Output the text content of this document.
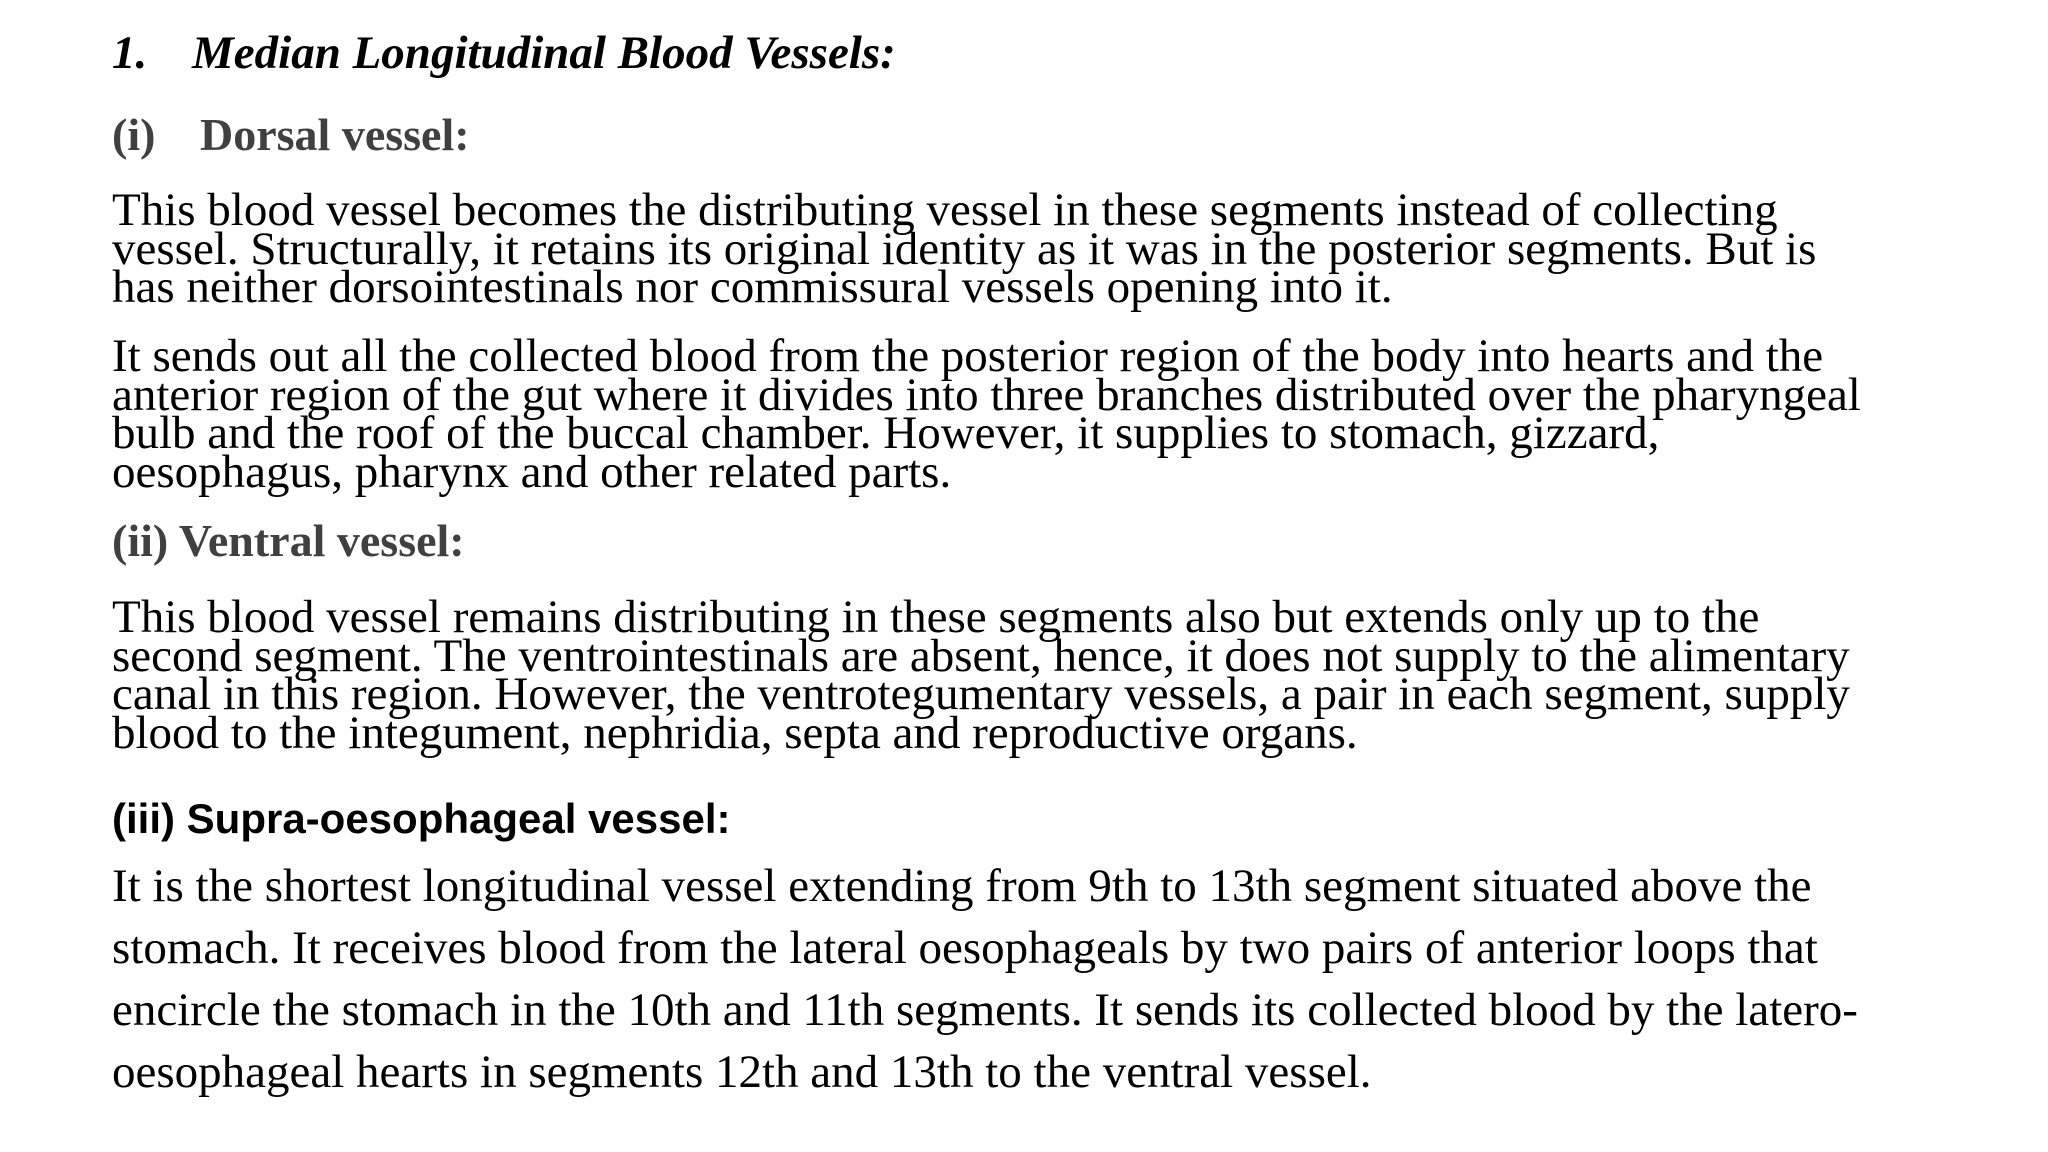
1. Median Longitudinal Blood Vessels:
(i) Dorsal vessel:

This blood vessel becomes the distributing vessel in these segments instead of collecting
vessel. Structurally, it retains its original identity as it was in the posterior segments. But is
has neither dorsointestinals nor commissural vessels opening into it.

It sends out all the collected blood from the posterior region of the body into hearts and the
anterior region of the gut where it divides into three branches distributed over the pharyngeal
bulb and the roof of the buccal chamber. However, it supplies to stomach, gizzard,
oesophagus, pharynx and other related parts.

(ii) Ventral vessel:

This blood vessel remains distributing in these segments also but extends only up to the
second segment. The ventrointestinals are absent, hence, it does not supply to the alimentary
canal in this region. However, the ventrotegumentary vessels, a pair in each segment, supply
blood to the integument, nephridia, septa and reproductive organs.

(iii) Supra-oesophageal vessel:

It is the shortest longitudinal vessel extending from 9th to 13th segment situated above the
stomach. It receives blood from the lateral oesophageals by two pairs of anterior loops that
encircle the stomach in the 10th and 11th segments. It sends its collected blood by the latero-
oesophageal hearts in segments 12th and 13th to the ventral vessel.
